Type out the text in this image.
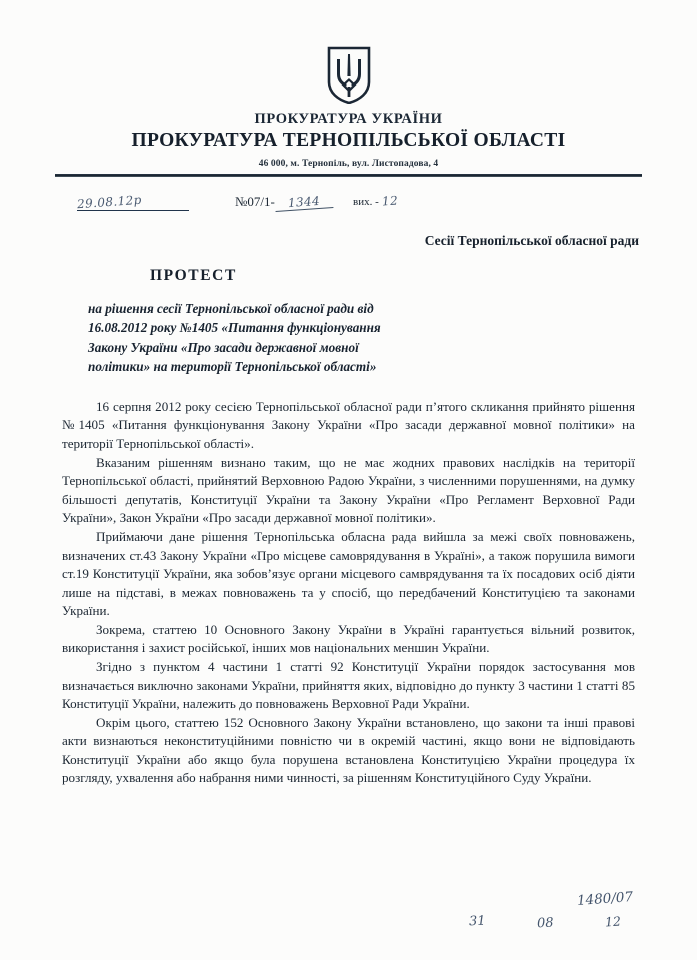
ПРОКУРАТУРА УКРАЇНИ
ПРОКУРАТУРА ТЕРНОПІЛЬСЬКОЇ ОБЛАСТІ
46 000, м. Тернопіль, вул. Листопадова, 4
29.08.12p	№07/1- 1344	вих. - 12
Сесії Тернопільської обласної ради
ПРОТЕСТ
на рішення сесії Тернопільської обласної ради від 16.08.2012 року №1405 «Питання функціонування Закону України «Про засади державної мовної політики» на території Тернопільської області»

16 серпня 2012 року сесією Тернопільської обласної ради п’ятого скликання прийнято рішення №1405 «Питання функціонування Закону України «Про засади державної мовної політики» на території Тернопільської області».

Вказаним рішенням визнано таким, що не має жодних правових наслідків на території Тернопільської області, прийнятий Верховною Радою України, з численними порушеннями, на думку більшості депутатів, Конституції України та Закону України «Про Регламент Верховної Ради України», Закон України «Про засади державної мовної політики».

Приймаючи дане рішення Тернопільська обласна рада вийшла за межі своїх повноважень, визначених ст.43 Закону України «Про місцеве самоврядування в Україні», а також порушила вимоги ст.19 Конституції України, яка зобов’язує органи місцевого самврядування та їх посадових осіб діяти лише на підставі, в межах повноважень та у спосіб, що передбачений Конституцією та законами України.

Зокрема, статтею 10 Основного Закону України в Україні гарантується вільний розвиток, використання і захист російської, інших мов національних меншин України.

Згідно з пунктом 4 частини 1 статті 92 Конституції України порядок застосування мов визначається виключно законами України, прийняття яких, відповідно до пункту 3 частини 1 статті 85 Конституції України, належить до повноважень Верховної Ради України.

Окрім цього, статтею 152 Основного Закону України встановлено, що закони та інші правові акти визнаються неконституційними повністю чи в окремій частині, якщо вони не відповідають Конституції України або якщо була порушена встановлена Конституцією України процедура їх розгляду, ухвалення або набрання ними чинності, за рішенням Конституційного Суду України.

31	08
1480/07
12
